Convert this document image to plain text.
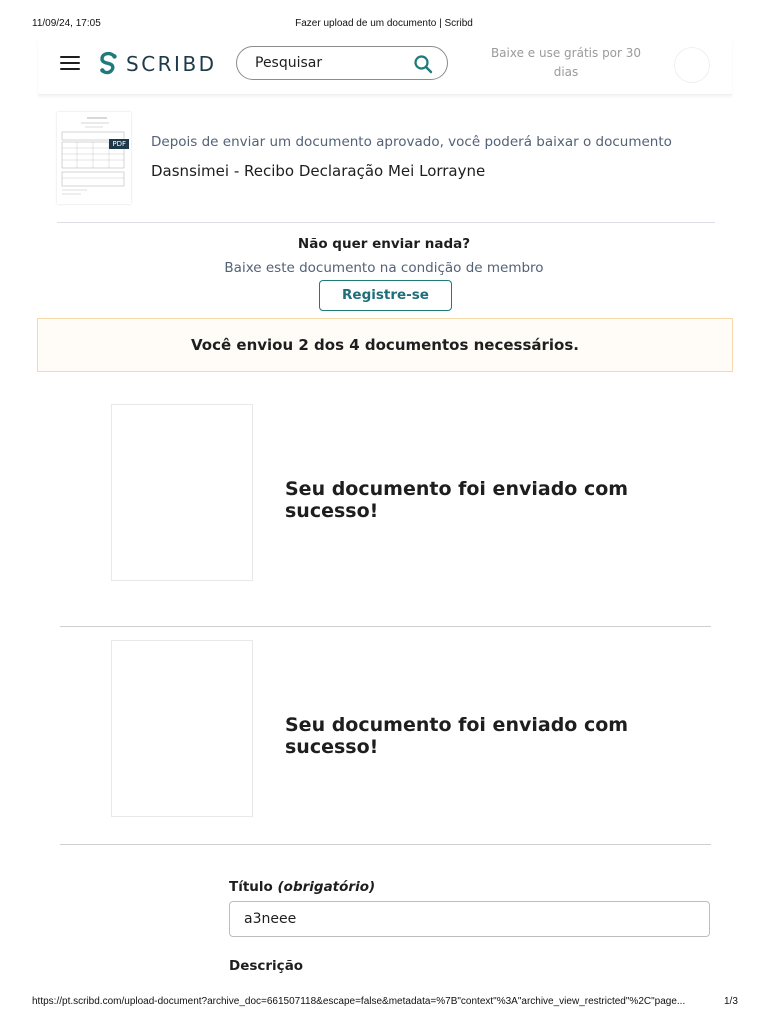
11/09/24, 17:05	Fazer upload de um documento | Scribd
SCRIBD
Pesquisar	Baixe e use grátis por 30 dias
PDF Depois de enviar um documento aprovado, você poderá baixar o documento
Dasnsimei - Recibo Declaração Mei Lorrayne
Não quer enviar nada?
Baixe este documento na condição de membro
Registre-se
Você enviou 2 dos 4 documentos necessários.
Seu documento foi enviado com sucesso!
Seu documento foi enviado com sucesso!
Título (obrigatório)
a3neee
Descrição
https://pt.scribd.com/upload-document?archive_doc=661507118&escape=false&metadata=%7B"context"%3A"archive_view_restricted"%2C"page...	1/3
